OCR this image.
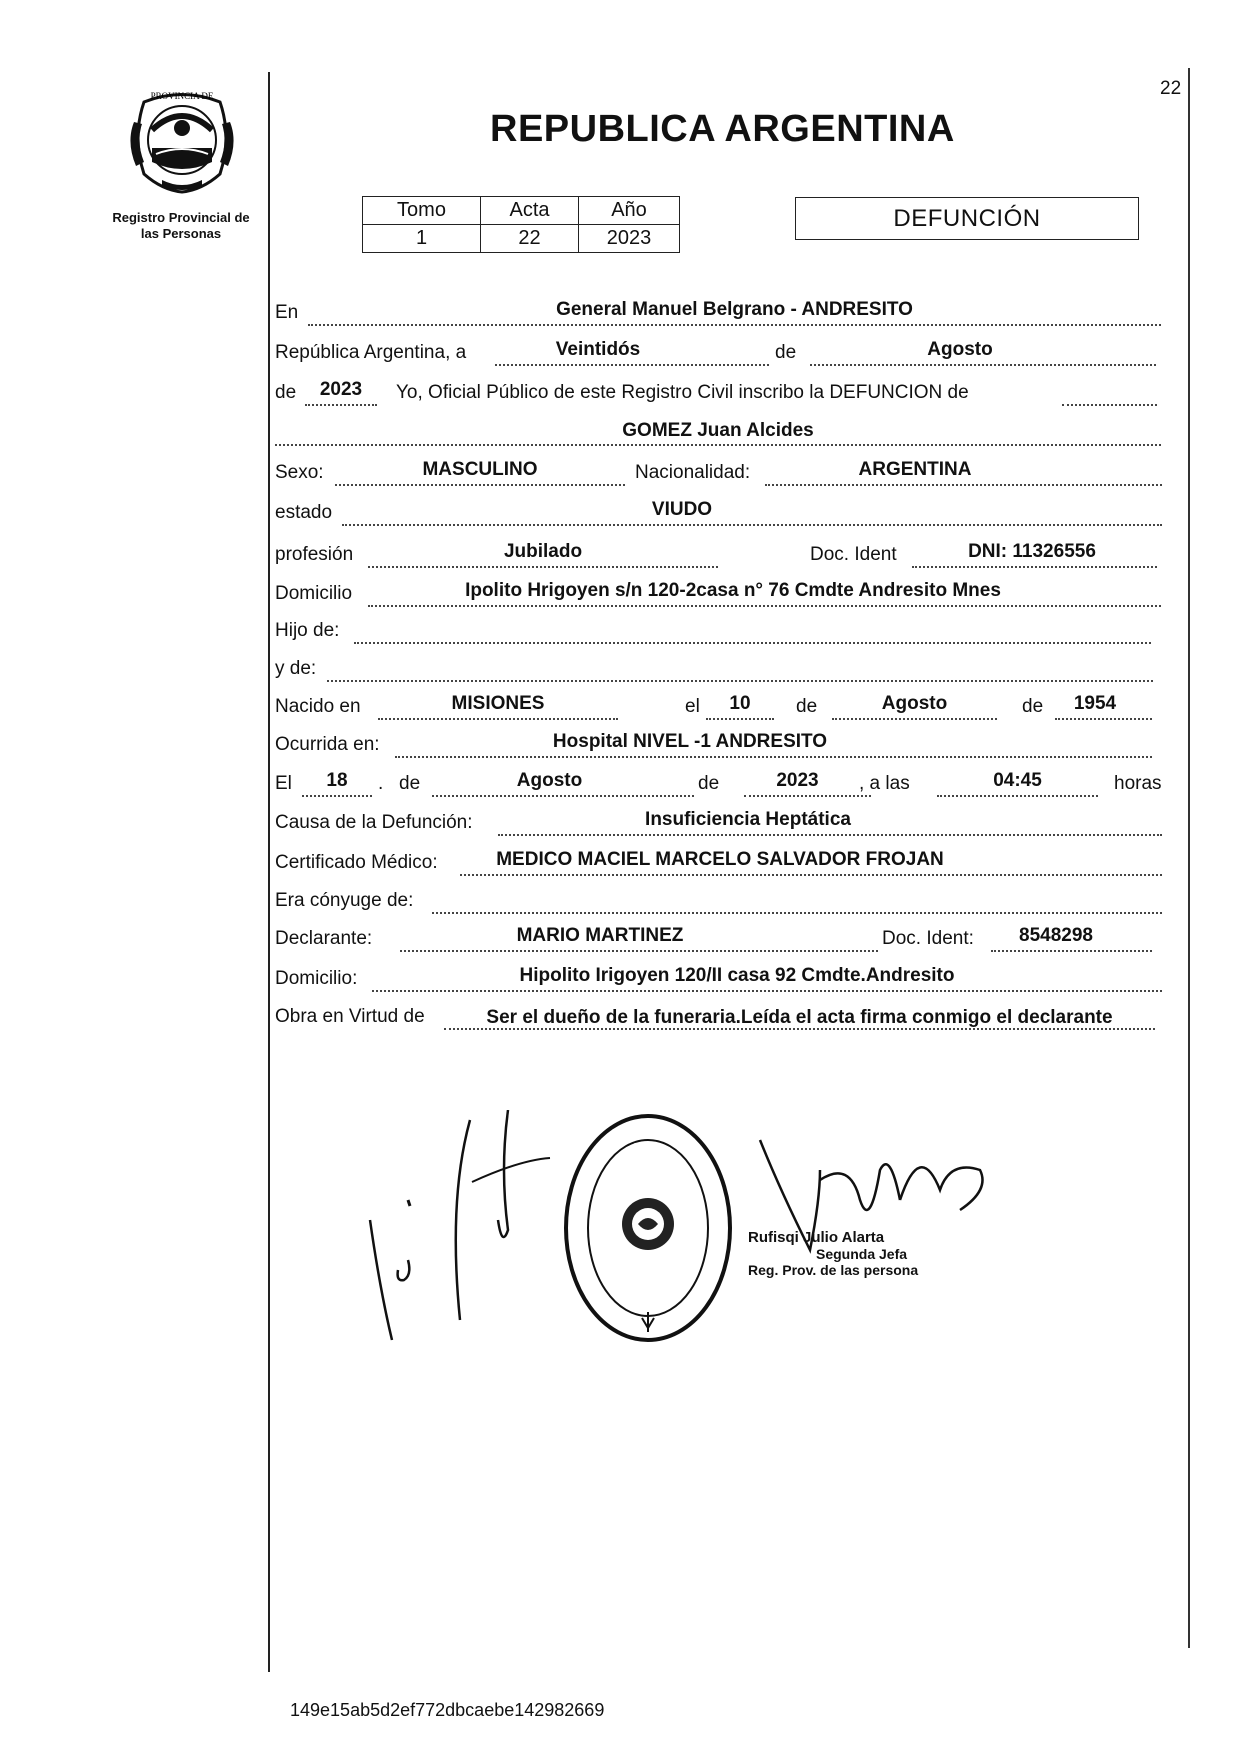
22
PROVINCIA DE
Registro Provincial de
las Personas
REPUBLICA ARGENTINA
Tomo	Acta	Año
1	22	2023
DEFUNCIÓN
En	General Manuel Belgrano - ANDRESITO
República Argentina, a	Veintidós	de	Agosto
de	2023	Yo, Oficial Público de este Registro Civil inscribo la DEFUNCION de
GOMEZ Juan Alcides
Sexo:	MASCULINO	Nacionalidad:	ARGENTINA
estado	VIUDO
profesión	Jubilado	Doc. Ident	DNI: 11326556
Domicilio	Ipolito Hrigoyen s/n 120-2casa n° 76 Cmdte Andresito Mnes
Hijo de:
y de:
Nacido en	MISIONES	el	10	de	Agosto	de	1954
Ocurrida en:	Hospital NIVEL -1 ANDRESITO
El	18	. de	Agosto	de	2023	, a las	04:45	horas
Causa de la Defunción:	Insuficiencia Heptática
Certificado Médico:	MEDICO MACIEL MARCELO SALVADOR FROJAN
Era cónyuge de:
Declarante:	MARIO MARTINEZ	Doc. Ident:	8548298
Domicilio:	Hipolito Irigoyen 120/II casa 92 Cmdte.Andresito
Obra en Virtud de	Ser el dueño de la funeraria.Leída el acta firma conmigo el declarante
Rufisqi Julio Alarta
Segunda Jefa
Reg. Prov. de las persona
149e15ab5d2ef772dbcaebe142982669
